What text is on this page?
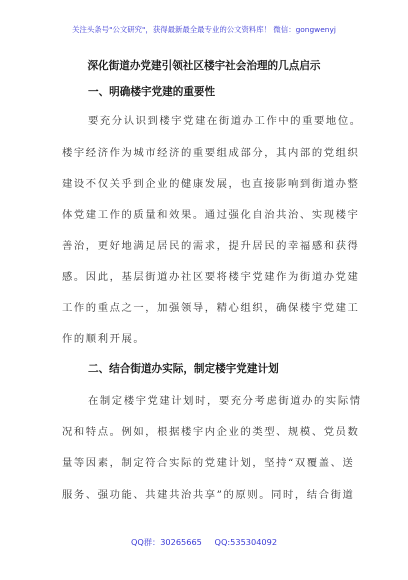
关注头条号"公文研究"，获得最新最全最专业的公文资料库！ 微信：gongwenyj
深化街道办党建引领社区楼宇社会治理的几点启示
一、明确楼宇党建的重要性
要充分认识到楼宇党建在街道办工作中的重要地位。
楼宇经济作为城市经济的重要组成部分，其内部的党组织
建设不仅关乎到企业的健康发展，也直接影响到街道办整
体党建工作的质量和效果。通过强化自治共治、实现楼宇
善治，更好地满足居民的需求，提升居民的幸福感和获得
感。因此，基层街道办社区要将楼宇党建作为街道办党建
工作的重点之一，加强领导，精心组织，确保楼宇党建工
作的顺利开展。
二、结合街道办实际，制定楼宇党建计划
在制定楼宇党建计划时，要充分考虑街道办的实际情
况和特点。例如，根据楼宇内企业的类型、规模、党员数
量等因素，制定符合实际的党建计划，坚持“双覆盖、送
服务、强功能、共建共治共享”的原则。同时，结合街道
QQ群：30265665 QQ:535304092
